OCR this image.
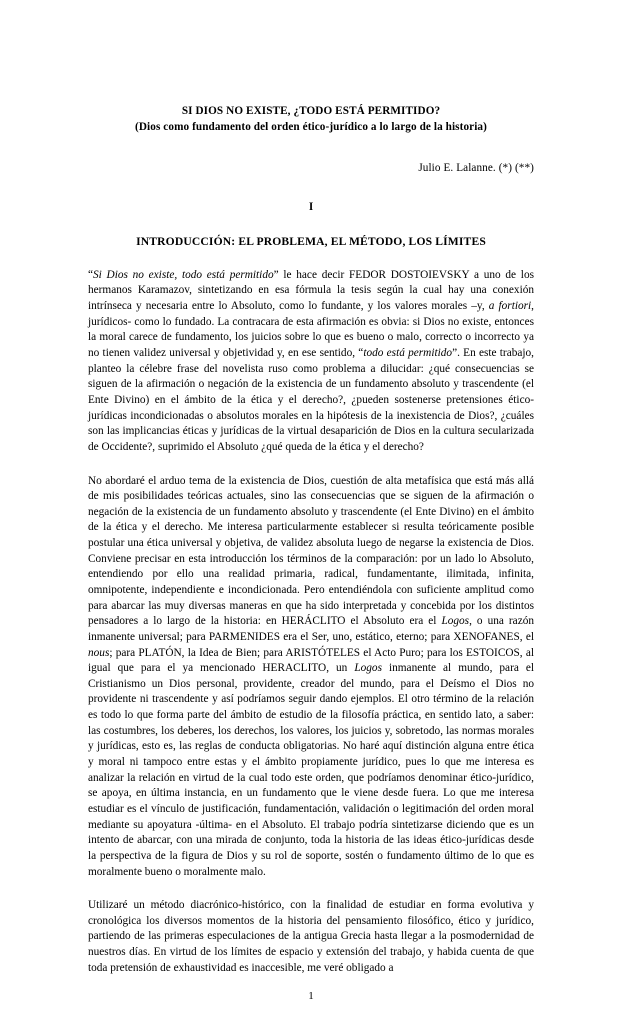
SI DIOS NO EXISTE, ¿TODO ESTÁ PERMITIDO?
(Dios como fundamento del orden ético-jurídico a lo largo de la historia)
Julio E. Lalanne. (*) (**)
I
INTRODUCCIÓN: EL PROBLEMA, EL MÉTODO, LOS LÍMITES

“Si Dios no existe, todo está permitido” le hace decir FEDOR DOSTOIEVSKY a uno de los hermanos Karamazov, sintetizando en esa fórmula la tesis según la cual hay una conexión intrínseca y necesaria entre lo Absoluto, como lo fundante, y los valores morales –y, a fortiori, jurídicos- como lo fundado. La contracara de esta afirmación es obvia: si Dios no existe, entonces la moral carece de fundamento, los juicios sobre lo que es bueno o malo, correcto o incorrecto ya no tienen validez universal y objetividad y, en ese sentido, “todo está permitido”. En este trabajo, planteo la célebre frase del novelista ruso como problema a dilucidar: ¿qué consecuencias se siguen de la afirmación o negación de la existencia de un fundamento absoluto y trascendente (el Ente Divino) en el ámbito de la ética y el derecho?, ¿pueden sostenerse pretensiones ético-jurídicas incondicionadas o absolutos morales en la hipótesis de la inexistencia de Dios?, ¿cuáles son las implicancias éticas y jurídicas de la virtual desaparición de Dios en la cultura secularizada de Occidente?, suprimido el Absoluto ¿qué queda de la ética y el derecho?

No abordaré el arduo tema de la existencia de Dios, cuestión de alta metafísica que está más allá de mis posibilidades teóricas actuales, sino las consecuencias que se siguen de la afirmación o negación de la existencia de un fundamento absoluto y trascendente (el Ente Divino) en el ámbito de la ética y el derecho. Me interesa particularmente establecer si resulta teóricamente posible postular una ética universal y objetiva, de validez absoluta luego de negarse la existencia de Dios. Conviene precisar en esta introducción los términos de la comparación: por un lado lo Absoluto, entendiendo por ello una realidad primaria, radical, fundamentante, ilimitada, infinita, omnipotente, independiente e incondicionada. Pero entendiéndola con suficiente amplitud como para abarcar las muy diversas maneras en que ha sido interpretada y concebida por los distintos pensadores a lo largo de la historia: en HERÁCLITO el Absoluto era el Logos, o una razón inmanente universal; para PARMENIDES era el Ser, uno, estático, eterno; para XENOFANES, el nous; para PLATÓN, la Idea de Bien; para ARISTÓTELES el Acto Puro; para los ESTOICOS, al igual que para el ya mencionado HERACLITO, un Logos inmanente al mundo, para el Cristianismo un Dios personal, providente, creador del mundo, para el Deísmo el Dios no providente ni trascendente y así podríamos seguir dando ejemplos. El otro término de la relación es todo lo que forma parte del ámbito de estudio de la filosofía práctica, en sentido lato, a saber: las costumbres, los deberes, los derechos, los valores, los juicios y, sobretodo, las normas morales y jurídicas, esto es, las reglas de conducta obligatorias. No haré aquí distinción alguna entre ética y moral ni tampoco entre estas y el ámbito propiamente jurídico, pues lo que me interesa es analizar la relación en virtud de la cual todo este orden, que podríamos denominar ético-jurídico, se apoya, en última instancia, en un fundamento que le viene desde fuera. Lo que me interesa estudiar es el vínculo de justificación, fundamentación, validación o legitimación del orden moral mediante su apoyatura -última- en el Absoluto. El trabajo podría sintetizarse diciendo que es un intento de abarcar, con una mirada de conjunto, toda la historia de las ideas ético-jurídicas desde la perspectiva de la figura de Dios y su rol de soporte, sostén o fundamento último de lo que es moralmente bueno o moralmente malo.

Utilizaré un método diacrónico-histórico, con la finalidad de estudiar en forma evolutiva y cronológica los diversos momentos de la historia del pensamiento filosófico, ético y jurídico, partiendo de las primeras especulaciones de la antigua Grecia hasta llegar a la posmodernidad de nuestros días. En virtud de los límites de espacio y extensión del trabajo, y habida cuenta de que toda pretensión de exhaustividad es inaccesible, me veré obligado a

1
